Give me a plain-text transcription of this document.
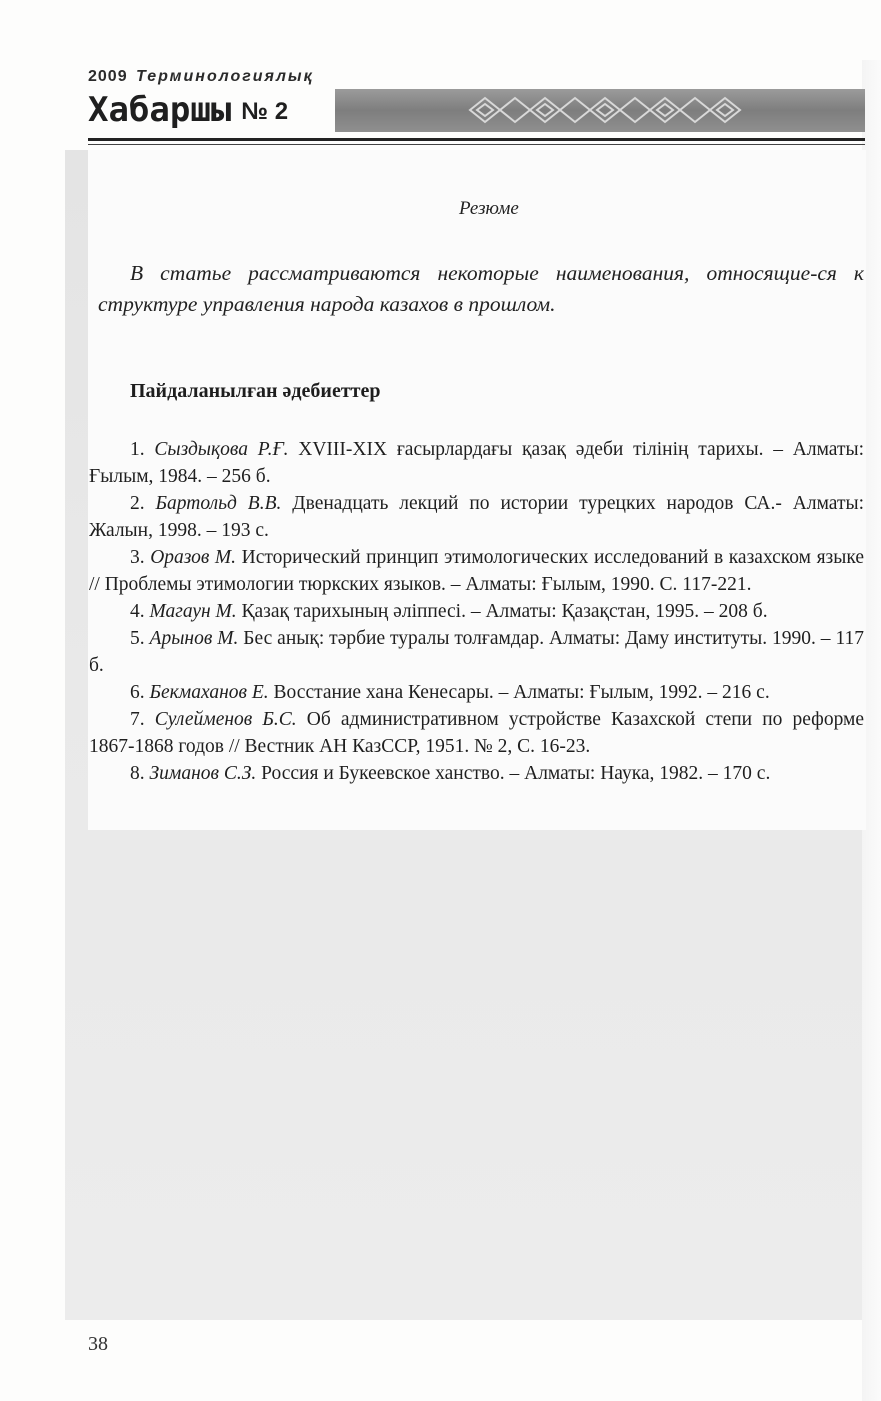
2009 Терминологиялық
Хабаршы № 2
Резюме
В статье рассматриваются некоторые наименования, относящие-ся к структуре управления народа казахов в прошлом.
Пайдаланылған әдебиеттер

1. Сыздықова Р.Ғ. XVIII-XIX ғасырлардағы қазақ әдеби тілінің тарихы. – Алматы: Ғылым, 1984. – 256 б.

2. Бартольд В.В. Двенадцать лекций по истории турецких народов СА.- Алматы: Жалын, 1998. – 193 с.

3. Оразов М. Исторический принцип этимологических исследований в казахском языке // Проблемы этимологии тюркских языков. – Алматы: Ғылым, 1990. С. 117-221.

4. Магаун М. Қазақ тарихының әліппесі. – Алматы: Қазақстан, 1995. – 208 б.

5. Арынов М. Бес анық: тәрбие туралы толғамдар. Алматы: Даму институты. 1990. – 117 б.

6. Бекмаханов Е. Восстание хана Кенесары. – Алматы: Ғылым, 1992. – 216 с.

7. Сулейменов Б.С. Об административном устройстве Казахской степи по реформе 1867-1868 годов // Вестник АН КазССР, 1951. № 2, С. 16-23.

8. Зиманов С.З. Россия и Букеевское ханство. – Алматы: Наука, 1982. – 170 с.

38
